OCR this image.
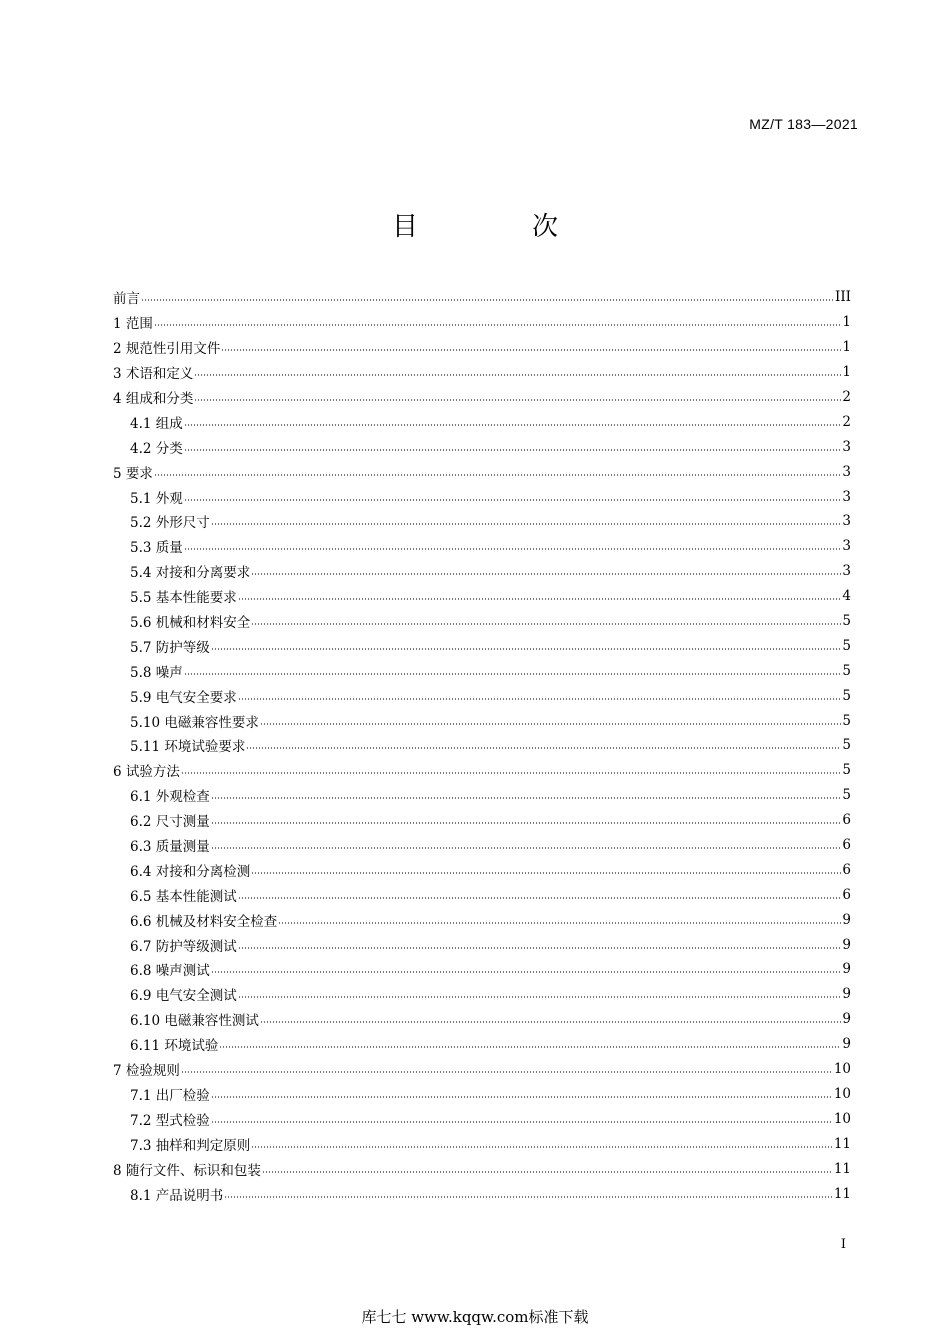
MZ/T 183—2021
目　次
前言	III
1 范围	1
2 规范性引用文件	1
3 术语和定义	1
4 组成和分类	2
4.1 组成	2
4.2 分类	3
5 要求	3
5.1 外观	3
5.2 外形尺寸	3
5.3 质量	3
5.4 对接和分离要求	3
5.5 基本性能要求	4
5.6 机械和材料安全	5
5.7 防护等级	5
5.8 噪声	5
5.9 电气安全要求	5
5.10 电磁兼容性要求	5
5.11 环境试验要求	5
6 试验方法	5
6.1 外观检查	5
6.2 尺寸测量	6
6.3 质量测量	6
6.4 对接和分离检测	6
6.5 基本性能测试	6
6.6 机械及材料安全检查	9
6.7 防护等级测试	9
6.8 噪声测试	9
6.9 电气安全测试	9
6.10 电磁兼容性测试	9
6.11 环境试验	9
7 检验规则	10
7.1 出厂检验	10
7.2 型式检验	10
7.3 抽样和判定原则	11
8 随行文件、标识和包装	11
8.1 产品说明书	11
I
库七七 www.kqqw.com标准下载
